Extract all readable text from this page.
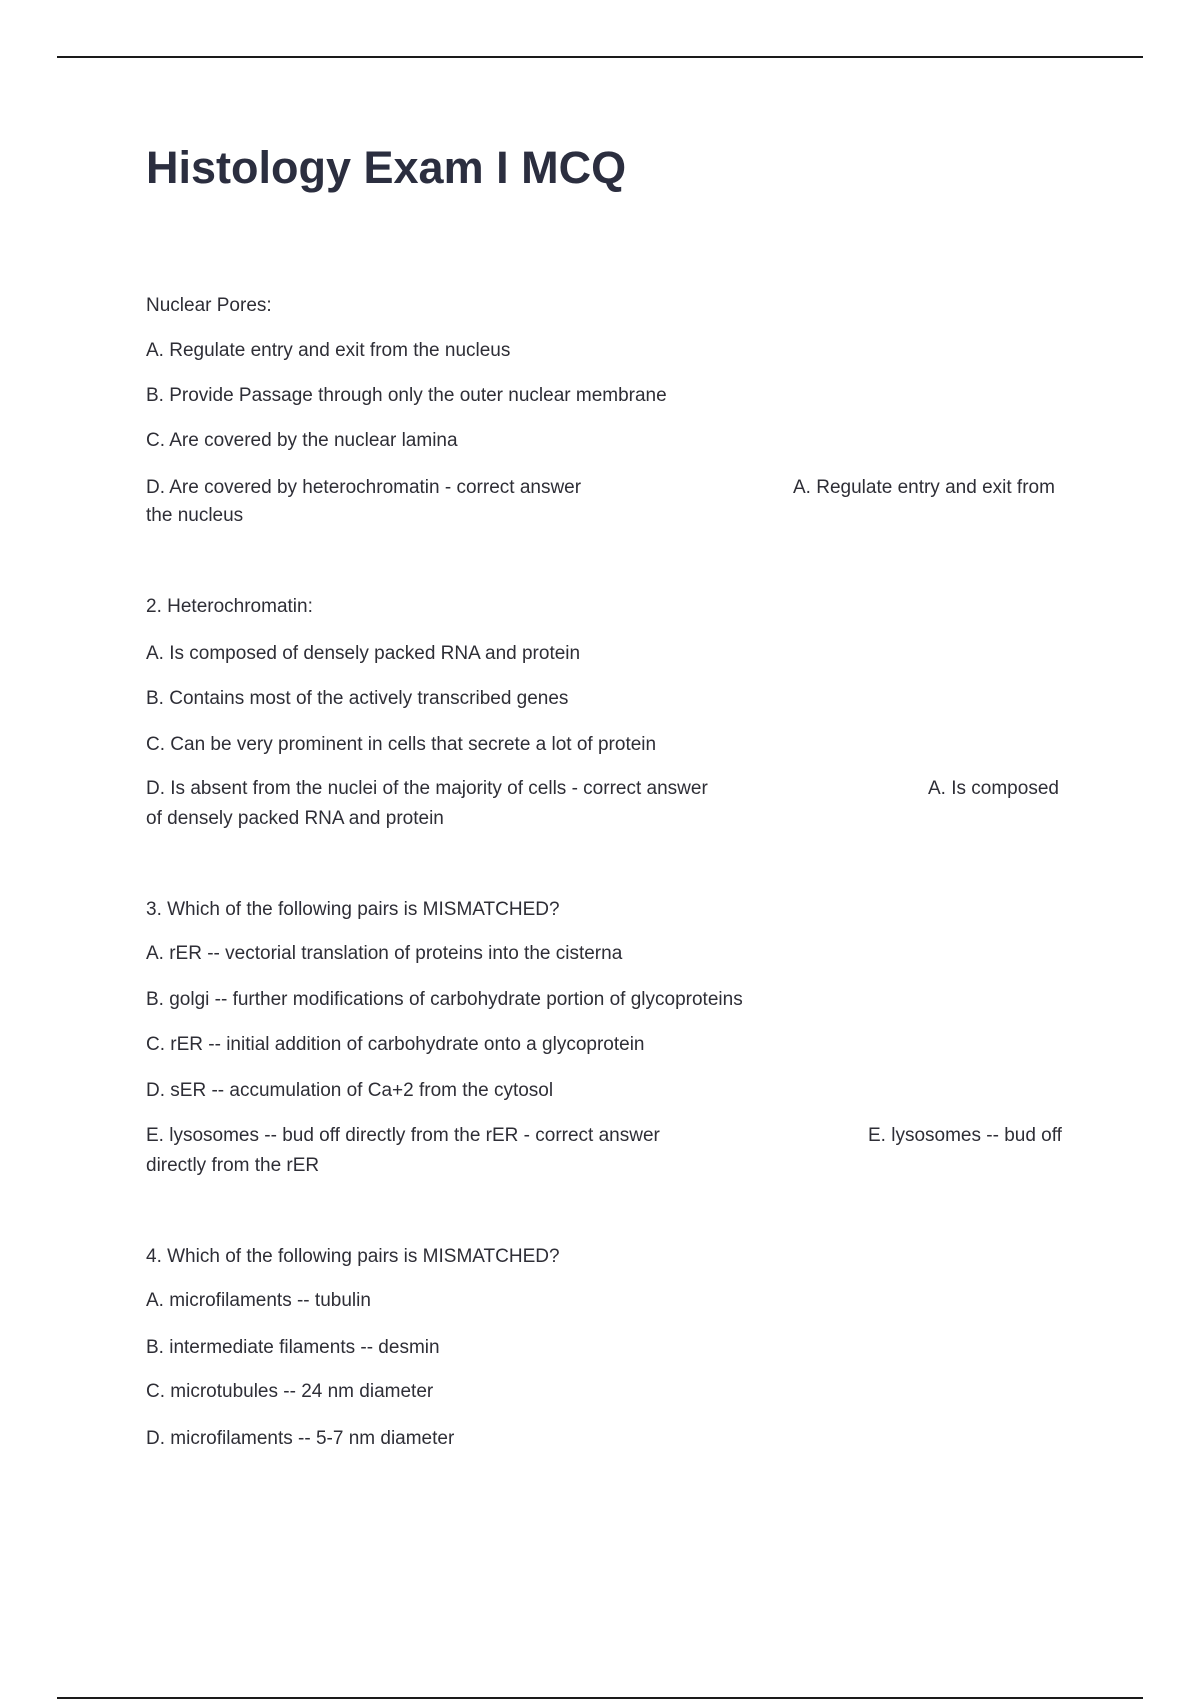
Histology Exam I MCQ

Nuclear Pores:

A. Regulate entry and exit from the nucleus

B. Provide Passage through only the outer nuclear membrane

C. Are covered by the nuclear lamina

D. Are covered by heterochromatin - correct answer	A. Regulate entry and exit from

the nucleus

2. Heterochromatin:

A. Is composed of densely packed RNA and protein

B. Contains most of the actively transcribed genes

C. Can be very prominent in cells that secrete a lot of protein

D. Is absent from the nuclei of the majority of cells - correct answer	A. Is composed

of densely packed RNA and protein

3. Which of the following pairs is MISMATCHED?

A. rER -- vectorial translation of proteins into the cisterna

B. golgi -- further modifications of carbohydrate portion of glycoproteins

C. rER -- initial addition of carbohydrate onto a glycoprotein

D. sER -- accumulation of Ca+2 from the cytosol

E. lysosomes -- bud off directly from the rER - correct answer	E. lysosomes -- bud off

directly from the rER

4. Which of the following pairs is MISMATCHED?

A. microfilaments -- tubulin

B. intermediate filaments -- desmin

C. microtubules -- 24 nm diameter

D. microfilaments -- 5-7 nm diameter
